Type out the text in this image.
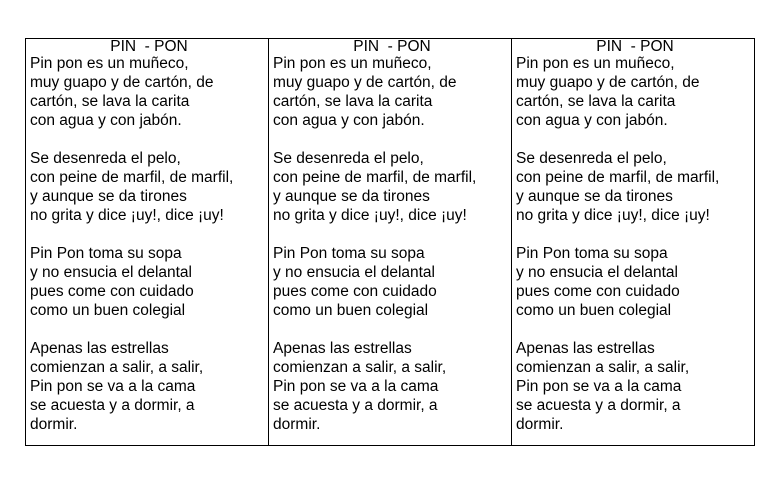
PIN  - PON
Pin pon es un muñeco,
muy guapo y de cartón, de
cartón, se lava la carita
con agua y con jabón.
Se desenreda el pelo,
con peine de marfil, de marfil,
y aunque se da tirones
no grita y dice ¡uy!, dice ¡uy!
Pin Pon toma su sopa
y no ensucia el delantal
pues come con cuidado
como un buen colegial
Apenas las estrellas
comienzan a salir, a salir,
Pin pon se va a la cama
se acuesta y a dormir, a
dormir.

PIN  - PON
Pin pon es un muñeco,
muy guapo y de cartón, de
cartón, se lava la carita
con agua y con jabón.
Se desenreda el pelo,
con peine de marfil, de marfil,
y aunque se da tirones
no grita y dice ¡uy!, dice ¡uy!
Pin Pon toma su sopa
y no ensucia el delantal
pues come con cuidado
como un buen colegial
Apenas las estrellas
comienzan a salir, a salir,
Pin pon se va a la cama
se acuesta y a dormir, a
dormir.

PIN  - PON
Pin pon es un muñeco,
muy guapo y de cartón, de
cartón, se lava la carita
con agua y con jabón.
Se desenreda el pelo,
con peine de marfil, de marfil,
y aunque se da tirones
no grita y dice ¡uy!, dice ¡uy!
Pin Pon toma su sopa
y no ensucia el delantal
pues come con cuidado
como un buen colegial
Apenas las estrellas
comienzan a salir, a salir,
Pin pon se va a la cama
se acuesta y a dormir, a
dormir.
